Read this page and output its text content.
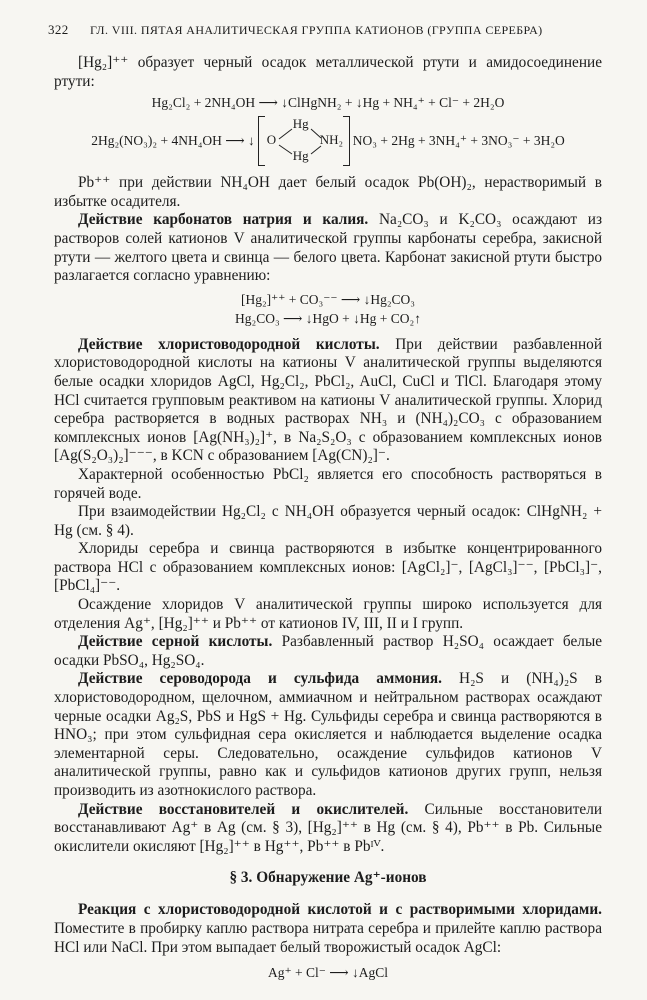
322 ГЛ. VIII. ПЯТАЯ АНАЛИТИЧЕСКАЯ ГРУППА КАТИОНОВ (ГРУППА СЕРЕБРА)

[Hg₂]⁺⁺ образует черный осадок металлической ртути и амидосоединение ртути:

Hg₂Cl₂ + 2NH₄OH ⟶ ↓ClHgNH₂ + ↓Hg + NH₄⁺ + Cl⁻ + 2H₂O
2Hg₂(NO₃)₂ + 4NH₄OH ⟶ ↓ O
Hg
Hg
NH₂ NO₃ + 2Hg + 3NH₄⁺ + 3NO₃⁻ + 3H₂O

Pb⁺⁺ при действии NH₄OH дает белый осадок Pb(OH)₂, нерастворимый в избытке осадителя.

Действие карбонатов натрия и калия. Na₂CO₃ и K₂CO₃ осаждают из растворов солей катионов V аналитической группы карбонаты серебра, закисной ртути — желтого цвета и свинца — белого цвета. Карбонат закисной ртути быстро разлагается согласно уравнению:

[Hg₂]⁺⁺ + CO₃⁻⁻ ⟶ ↓Hg₂CO₃
Hg₂CO₃ ⟶ ↓HgO + ↓Hg + CO₂↑

Действие хлористоводородной кислоты. При действии разбавленной хлористоводородной кислоты на катионы V аналитической группы выделяются белые осадки хлоридов AgCl, Hg₂Cl₂, PbCl₂, AuCl, CuCl и TlCl. Благодаря этому HCl считается групповым реактивом на катионы V аналитической группы. Хлорид серебра растворяется в водных растворах NH₃ и (NH₄)₂CO₃ с образованием комплексных ионов [Ag(NH₃)₂]⁺, в Na₂S₂O₃ с образованием комплексных ионов [Ag(S₂O₃)₂]⁻⁻⁻, в KCN с образованием [Ag(CN)₂]⁻.

Характерной особенностью PbCl₂ является его способность растворяться в горячей воде.

При взаимодействии Hg₂Cl₂ с NH₄OH образуется черный осадок: ClHgNH₂ + Hg (см. § 4).

Хлориды серебра и свинца растворяются в избытке концентрированного раствора HCl с образованием комплексных ионов: [AgCl₂]⁻, [AgCl₃]⁻⁻, [PbCl₃]⁻, [PbCl₄]⁻⁻.

Осаждение хлоридов V аналитической группы широко используется для отделения Ag⁺, [Hg₂]⁺⁺ и Pb⁺⁺ от катионов IV, III, II и I групп.

Действие серной кислоты. Разбавленный раствор H₂SO₄ осаждает белые осадки PbSO₄, Hg₂SO₄.

Действие сероводорода и сульфида аммония. H₂S и (NH₄)₂S в хлористоводородном, щелочном, аммиачном и нейтральном растворах осаждают черные осадки Ag₂S, PbS и HgS + Hg. Сульфиды серебра и свинца растворяются в HNO₃; при этом сульфидная сера окисляется и наблюдается выделение осадка элементарной серы. Следовательно, осаждение сульфидов катионов V аналитической группы, равно как и сульфидов катионов других групп, нельзя производить из азотнокислого раствора.

Действие восстановителей и окислителей. Сильные восстановители восстанавливают Ag⁺ в Ag (см. § 3), [Hg₂]⁺⁺ в Hg (см. § 4), Pb⁺⁺ в Pb. Сильные окислители окисляют [Hg₂]⁺⁺ в Hg⁺⁺, Pb⁺⁺ в Pbᴵⱽ.

§ 3. Обнаружение Ag⁺-ионов

Реакция с хлористоводородной кислотой и с растворимыми хлоридами. Поместите в пробирку каплю раствора нитрата серебра и прилейте каплю раствора HCl или NaCl. При этом выпадает белый творожистый осадок AgCl:

Ag⁺ + Cl⁻ ⟶ ↓AgCl
